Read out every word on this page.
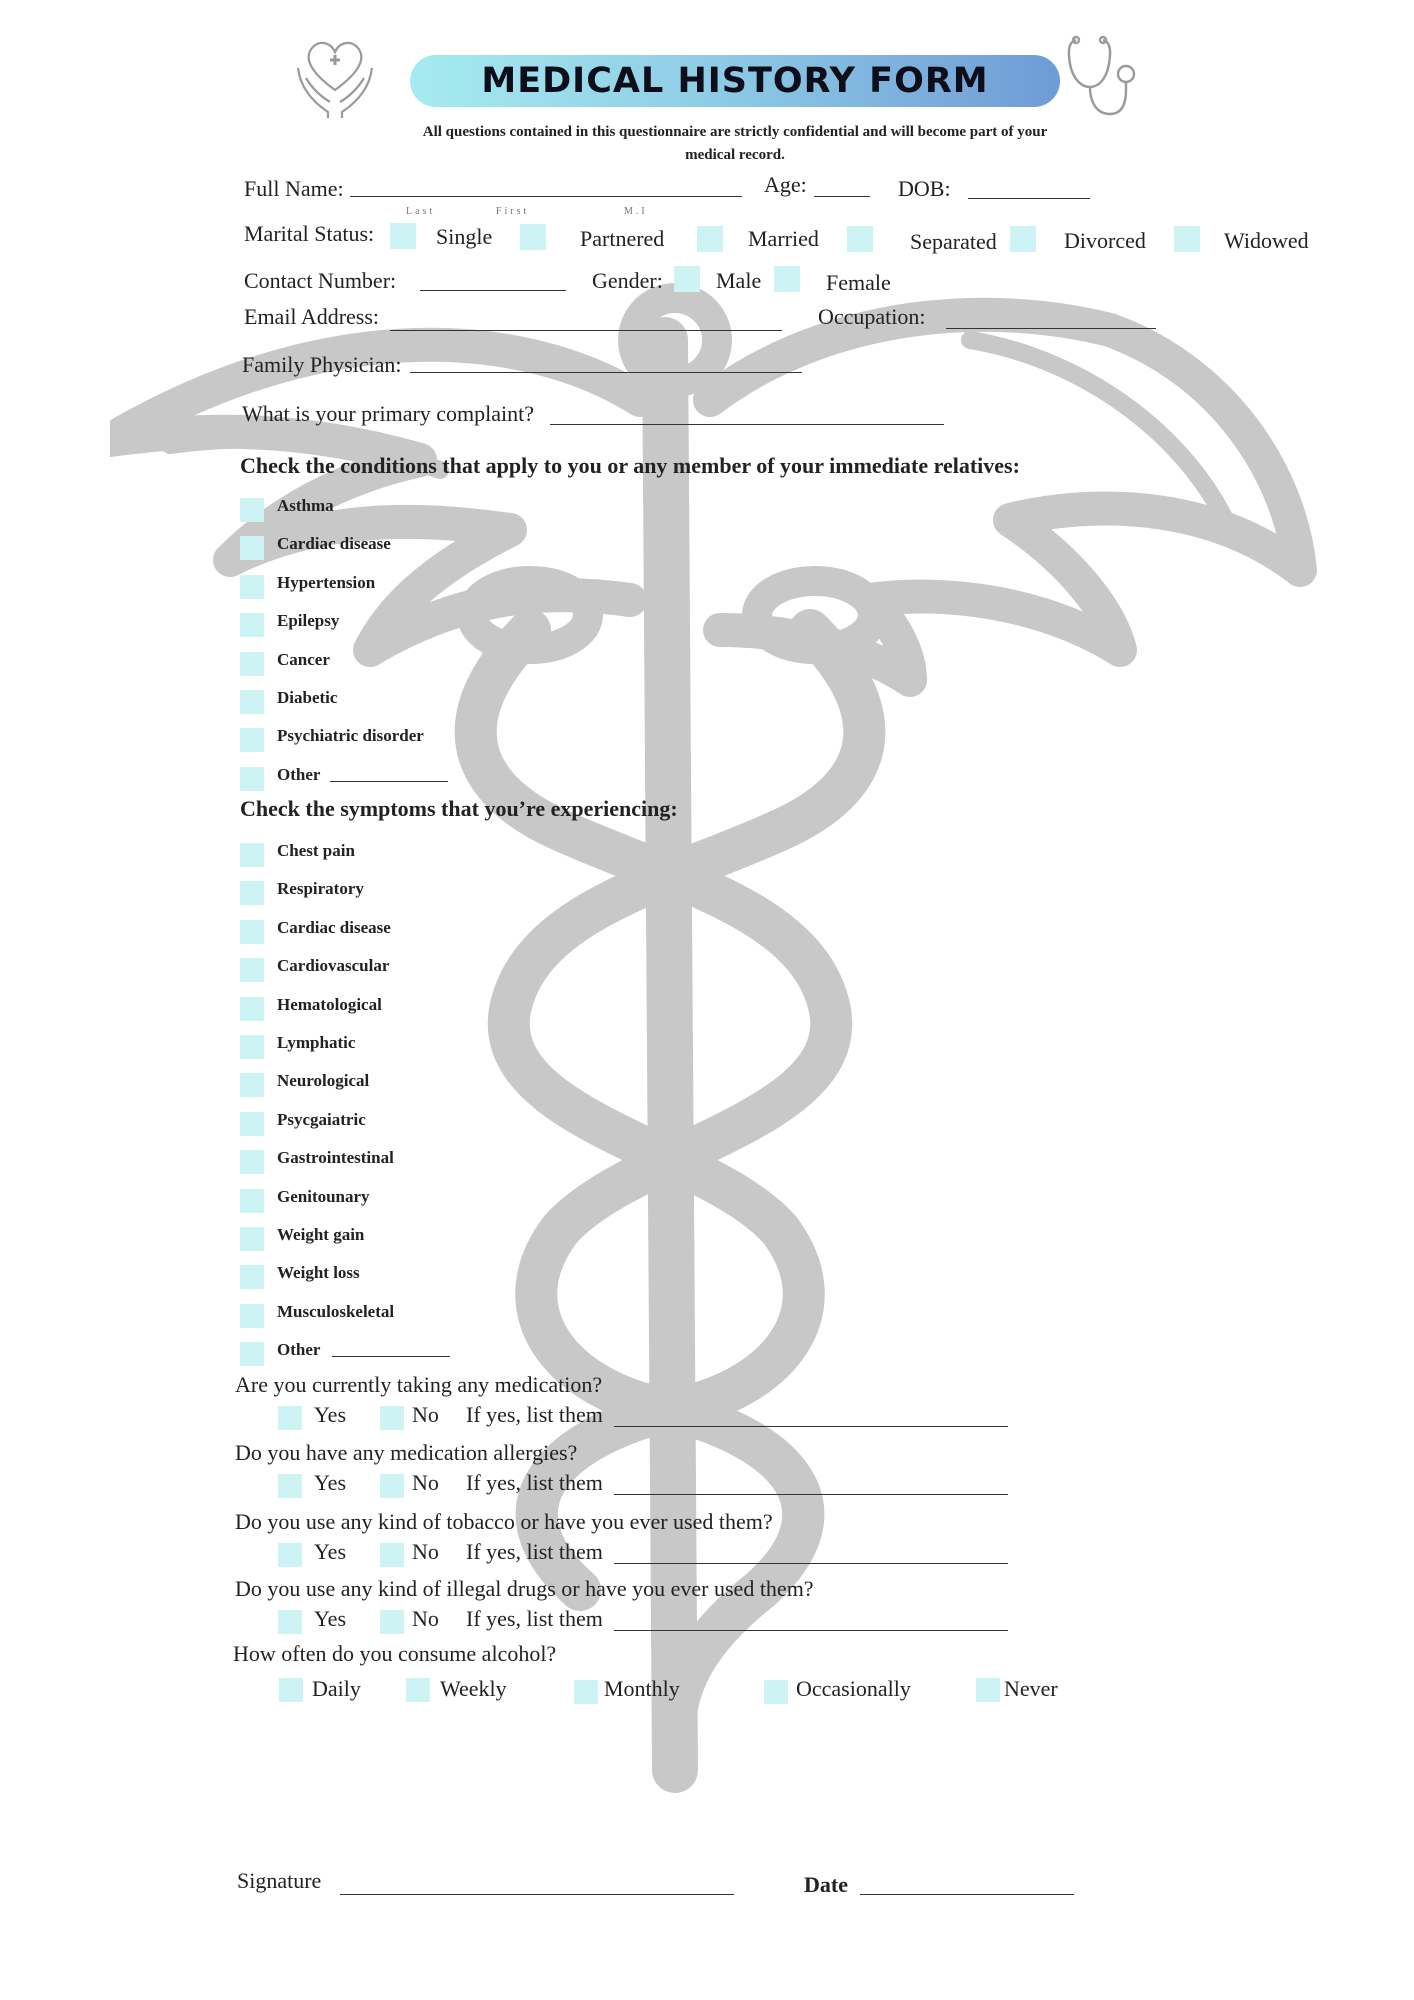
MEDICAL HISTORY FORM
All questions contained in this questionnaire are strictly confidential and will become part of your medical record.
Full Name:
Last	First	M.I
Age:	DOB:
Marital Status:	Single	Partnered	Married	Separated	Divorced	Widowed
Contact Number:	Gender: Male	Female
Email Address:	Occupation:
Family Physician:
What is your primary complaint?
Check the conditions that apply to you or any member of your immediate relatives:
Asthma
Cardiac disease
Hypertension
Epilepsy
Cancer
Diabetic
Psychiatric disorder
Other
Check the symptoms that you’re experiencing:
Chest pain
Respiratory
Cardiac disease
Cardiovascular
Hematological
Lymphatic
Neurological
Psycgaiatric
Gastrointestinal
Genitounary
Weight gain
Weight loss
Musculoskeletal
Other
Are you currently taking any medication?
Yes	No If yes, list them
Do you have any medication allergies?
Yes	No If yes, list them
Do you use any kind of tobacco or have you ever used them?
Yes	No If yes, list them
Do you use any kind of illegal drugs or have you ever used them?
Yes	No If yes, list them
How often do you consume alcohol?
Daily	Weekly	Monthly	Occasionally	Never
Signature	Date
